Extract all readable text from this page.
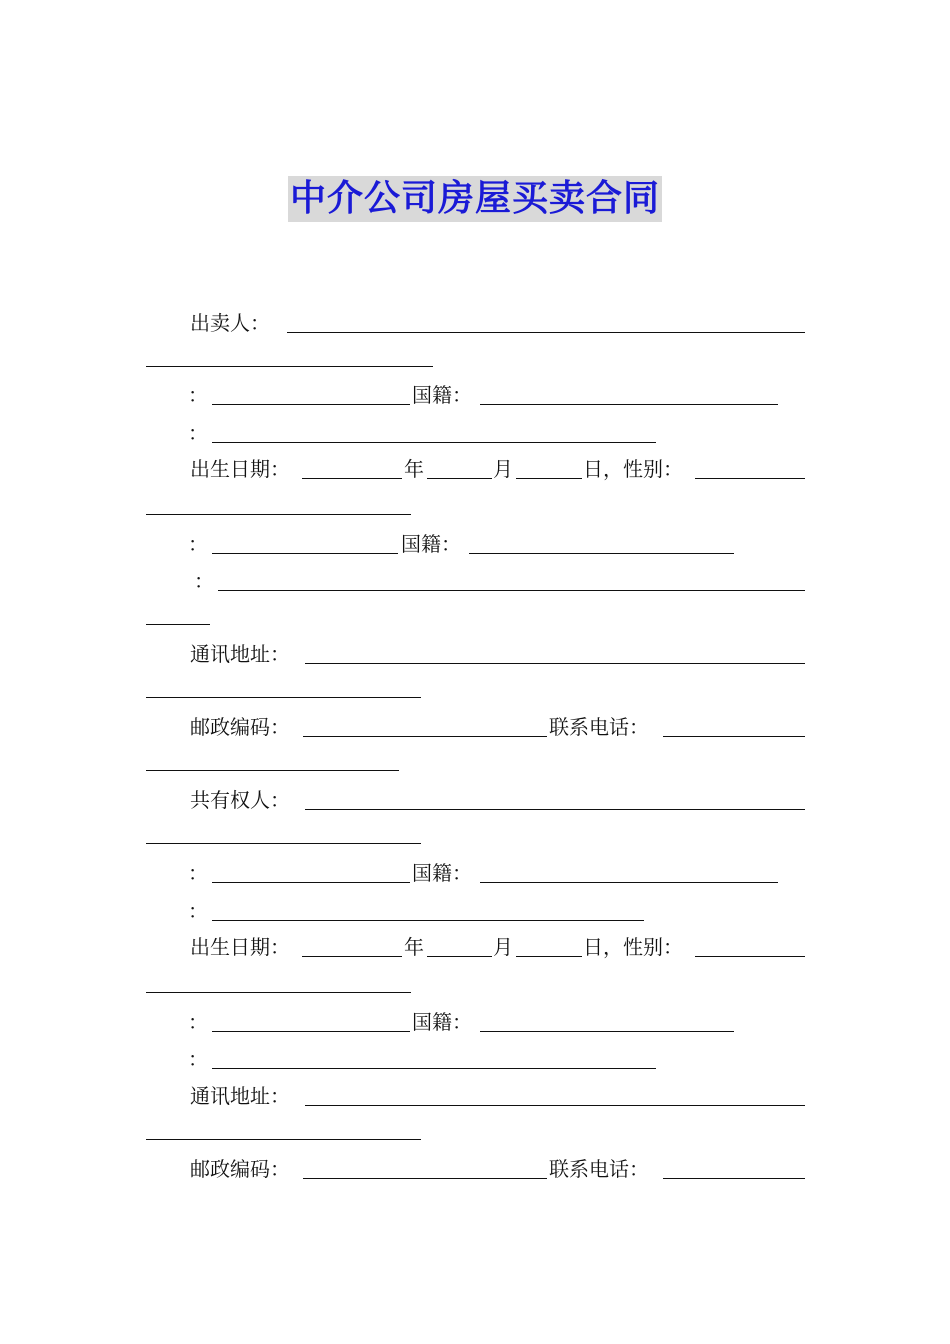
中介公司房屋买卖合同
出卖人：
：	国籍：
：
出生日期：	年	月	日，性别：
：	国籍：
：
通讯地址：
邮政编码：	联系电话：
共有权人：
：	国籍：
：
出生日期：	年	月	日，性别：
：	国籍：
：
通讯地址：
邮政编码：	联系电话：
